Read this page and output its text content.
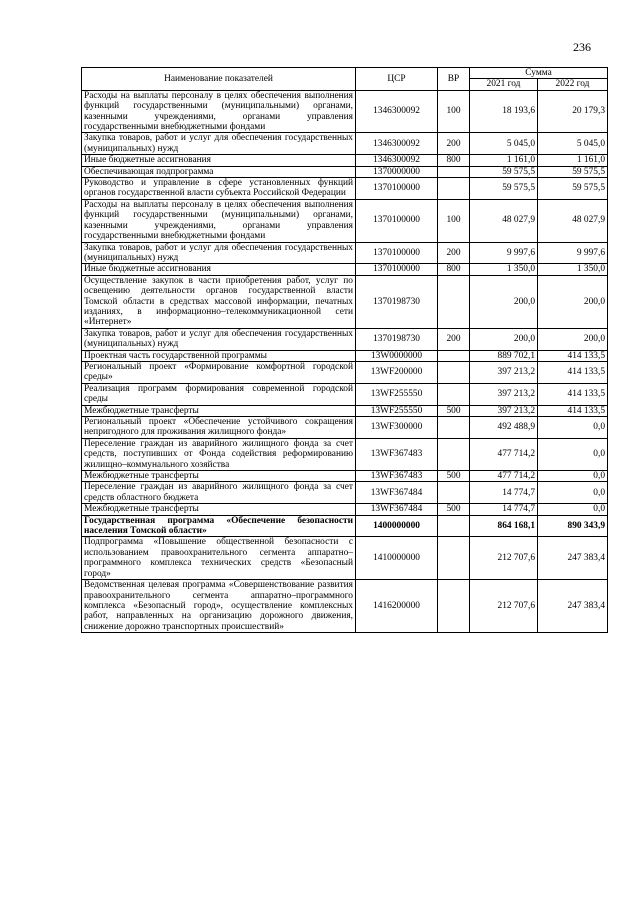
236
Наименование показателей	ЦСР	ВР	Сумма	
			2021 год	2022 год
Расходы на выплаты персоналу в целях обеспечения выполнения функций государственными (муниципальными) органами, казенными учреждениями, органами управления государственными внебюджетными фондами	1346300092	100	18 193,6	20 179,3
Закупка товаров, работ и услуг для обеспечения государственных (муниципальных) нужд	1346300092	200	5 045,0	5 045,0
Иные бюджетные ассигнования	1346300092	800	1 161,0	1 161,0
Обеспечивающая подпрограмма	1370000000		59 575,5	59 575,5
Руководство и управление в сфере установленных функций органов государственной власти субъекта Российской Федерации	1370100000		59 575,5	59 575,5
Расходы на выплаты персоналу в целях обеспечения выполнения функций государственными (муниципальными) органами, казенными учреждениями, органами управления государственными внебюджетными фондами	1370100000	100	48 027,9	48 027,9
Закупка товаров, работ и услуг для обеспечения государственных (муниципальных) нужд	1370100000	200	9 997,6	9 997,6
Иные бюджетные ассигнования	1370100000	800	1 350,0	1 350,0
Осуществление закупок в части приобретения работ, услуг по освещению деятельности органов государственной власти Томской области в средствах массовой информации, печатных изданиях, в информационно–телекоммуникационной сети «Интернет»	1370198730		200,0	200,0
Закупка товаров, работ и услуг для обеспечения государственных (муниципальных) нужд	1370198730	200	200,0	200,0
Проектная часть государственной программы	13W0000000		889 702,1	414 133,5
Региональный проект «Формирование комфортной городской среды»	13WF200000		397 213,2	414 133,5
Реализация программ формирования современной городской среды	13WF255550		397 213,2	414 133,5
Межбюджетные трансферты	13WF255550	500	397 213,2	414 133,5
Региональный проект «Обеспечение устойчивого сокращения непригодного для проживания жилищного фонда»	13WF300000		492 488,9	0,0
Переселение граждан из аварийного жилищного фонда за счет средств, поступивших от Фонда содействия реформированию жилищно–коммунального хозяйства	13WF367483		477 714,2	0,0
Межбюджетные трансферты	13WF367483	500	477 714,2	0,0
Переселение граждан из аварийного жилищного фонда за счет средств областного бюджета	13WF367484		14 774,7	0,0
Межбюджетные трансферты	13WF367484	500	14 774,7	0,0
Государственная программа «Обеспечение безопасности населения Томской области»	1400000000		864 168,1	890 343,9
Подпрограмма «Повышение общественной безопасности с использованием правоохранительного сегмента аппаратно–программного комплекса технических средств «Безопасный город»	1410000000		212 707,6	247 383,4
Ведомственная целевая программа «Совершенствование развития правоохранительного сегмента аппаратно–программного комплекса «Безопасный город», осуществление комплексных работ, направленных на организацию дорожного движения, снижение дорожно транспортных происшествий»	1416200000		212 707,6	247 383,4
